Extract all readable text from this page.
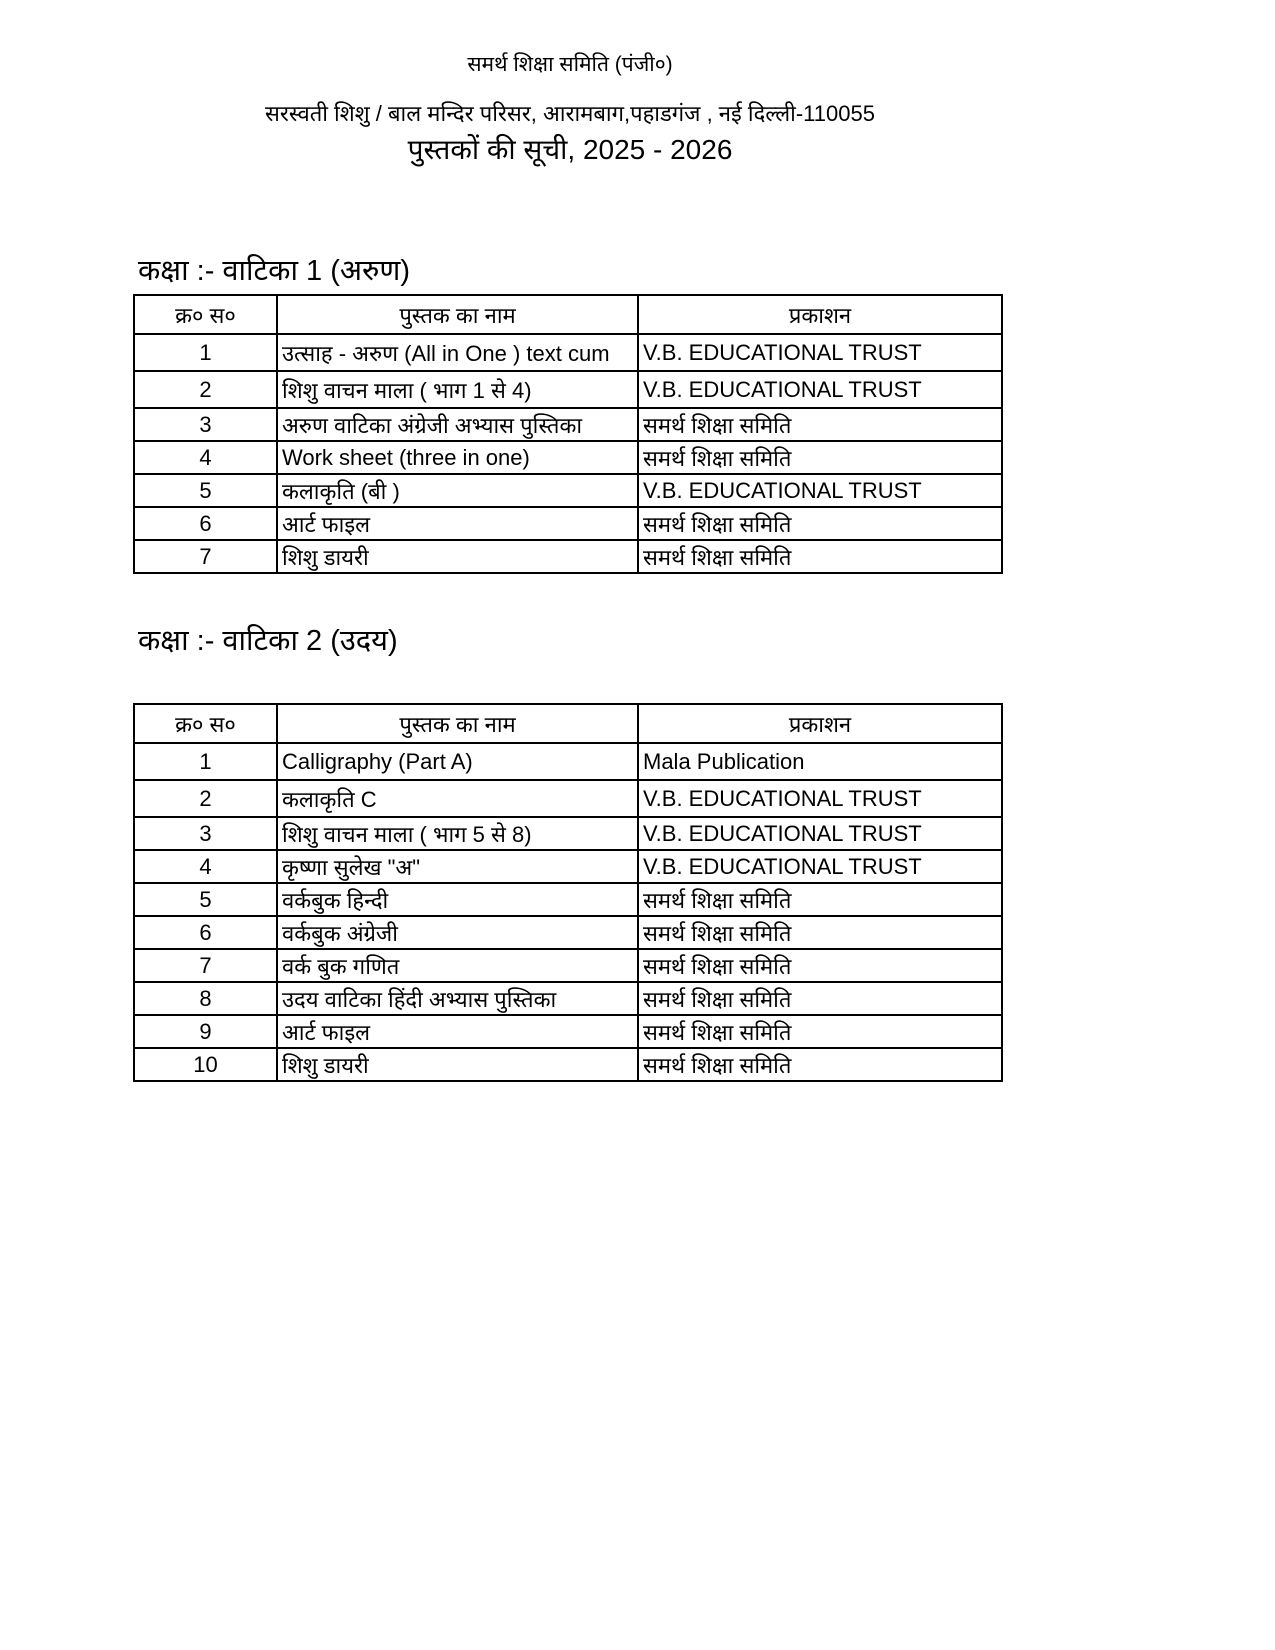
समर्थ शिक्षा समिति (पंजी०)
सरस्वती शिशु / बाल मन्दिर परिसर, आरामबाग,पहाडगंज , नई दिल्ली-110055
पुस्तकों की सूची, 2025 - 2026
कक्षा :- वाटिका 1 (अरुण)
क्र० स०	पुस्तक का नाम	प्रकाशन
1	उत्साह - अरुण (All in One ) text cum	V.B. EDUCATIONAL TRUST
2	शिशु वाचन माला ( भाग 1 से 4)	V.B. EDUCATIONAL TRUST
3	अरुण वाटिका अंग्रेजी अभ्यास पुस्तिका	समर्थ शिक्षा समिति
4	Work sheet (three in one)	समर्थ शिक्षा समिति
5	कलाकृति (बी )	V.B. EDUCATIONAL TRUST
6	आर्ट फाइल	समर्थ शिक्षा समिति
7	शिशु डायरी	समर्थ शिक्षा समिति
कक्षा :- वाटिका 2 (उदय)
क्र० स०	पुस्तक का नाम	प्रकाशन
1	Calligraphy (Part A)	Mala Publication
2	कलाकृति C	V.B. EDUCATIONAL TRUST
3	शिशु वाचन माला ( भाग 5 से 8)	V.B. EDUCATIONAL TRUST
4	कृष्णा सुलेख "अ"	V.B. EDUCATIONAL TRUST
5	वर्कबुक हिन्दी	समर्थ शिक्षा समिति
6	वर्कबुक अंग्रेजी	समर्थ शिक्षा समिति
7	वर्क बुक गणित	समर्थ शिक्षा समिति
8	उदय वाटिका हिंदी अभ्यास पुस्तिका	समर्थ शिक्षा समिति
9	आर्ट फाइल	समर्थ शिक्षा समिति
10	शिशु डायरी	समर्थ शिक्षा समिति
